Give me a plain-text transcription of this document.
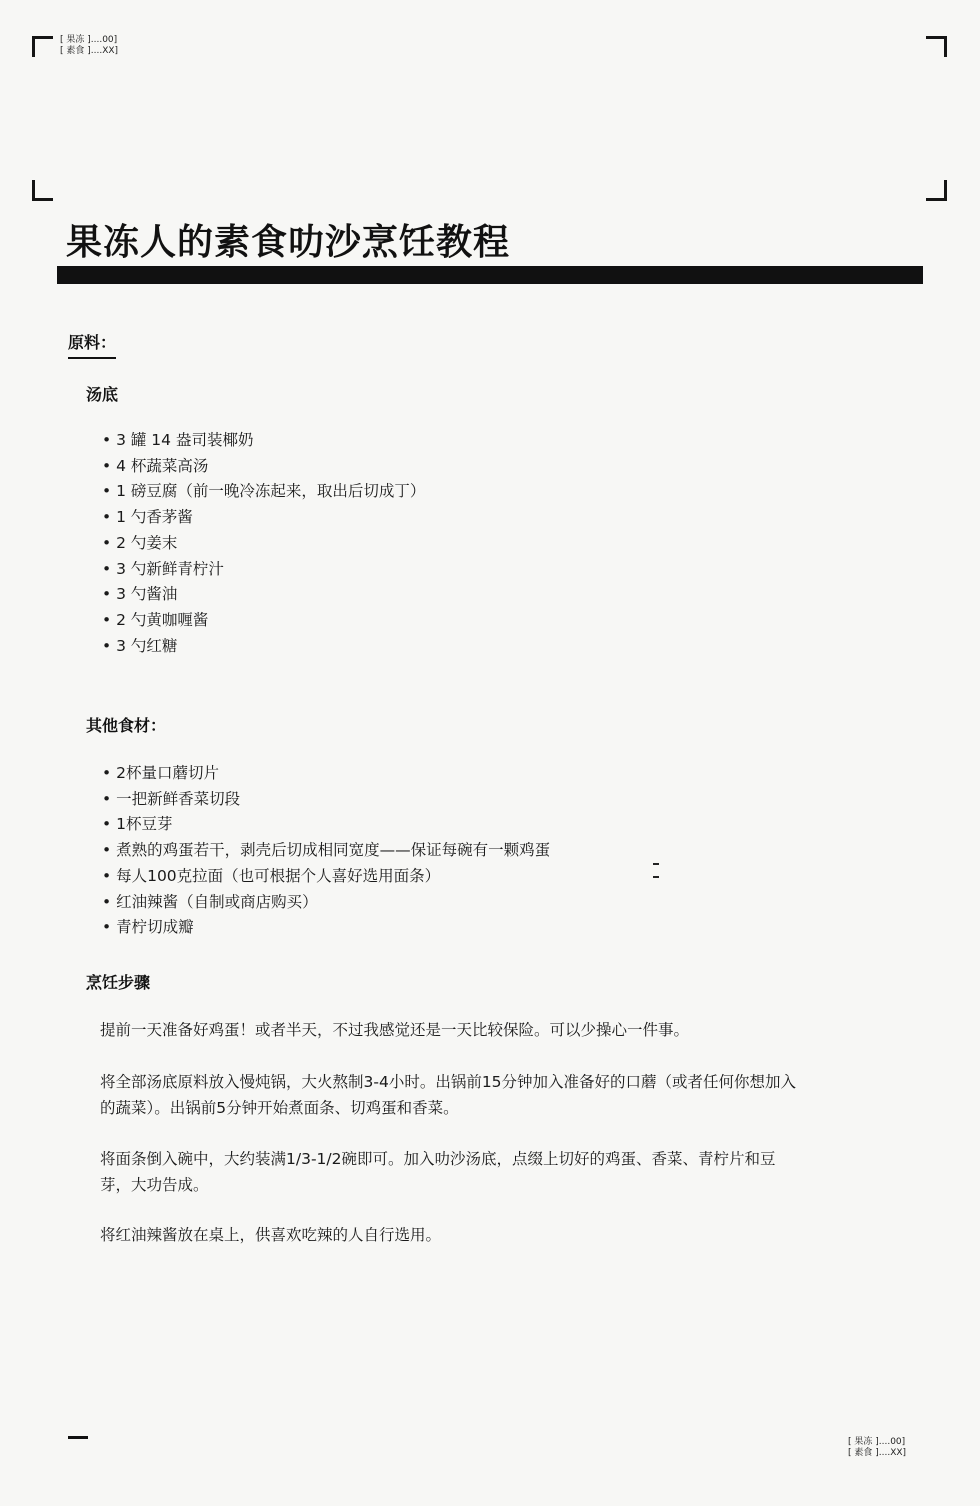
[ 果冻 ]....00]
[ 素食 ]....XX]
果冻人的素食叻沙烹饪教程
原料：
汤底
• 3 罐 14 盎司装椰奶
• 4 杯蔬菜高汤
• 1 磅豆腐（前一晚冷冻起来，取出后切成丁）
• 1 勺香茅酱
• 2 勺姜末
• 3 勺新鲜青柠汁
• 3 勺酱油
• 2 勺黄咖喱酱
• 3 勺红糖
其他食材：
• 2杯量口蘑切片
• 一把新鲜香菜切段
• 1杯豆芽
• 煮熟的鸡蛋若干，剥壳后切成相同宽度——保证每碗有一颗鸡蛋
• 每人100克拉面（也可根据个人喜好选用面条）
• 红油辣酱（自制或商店购买）
• 青柠切成瓣
烹饪步骤

提前一天准备好鸡蛋！或者半天，不过我感觉还是一天比较保险。可以少操心一件事。

将全部汤底原料放入慢炖锅，大火熬制3-4小时。出锅前15分钟加入准备好的口蘑（或者任何你想加入的蔬菜）。出锅前5分钟开始煮面条、切鸡蛋和香菜。

将面条倒入碗中，大约装满1/3-1/2碗即可。加入叻沙汤底，点缀上切好的鸡蛋、香菜、青柠片和豆芽，大功告成。

将红油辣酱放在桌上，供喜欢吃辣的人自行选用。

[ 果冻 ]....00]
[ 素食 ]....XX]
